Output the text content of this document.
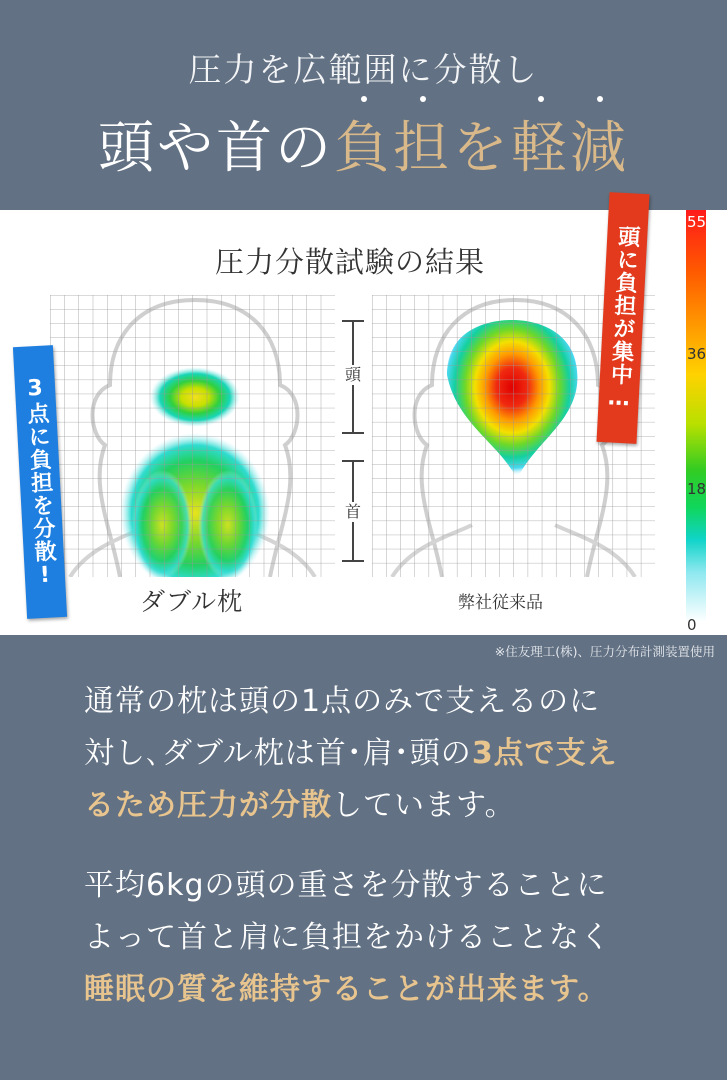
圧力を広範囲に分散し
頭や首の
負
担を
軽
減
圧力分散試験の結果
頭
首
ダブル枕	弊社従来品
55
36
18
0
3点に負担を分散!
頭に負担が集中…
※住友理工(株)、圧力分布計測装置使用
通常の枕は頭の1点のみで支えるのに
対し､ダブル枕は首･肩･頭の3点で支え
るため圧力が分散しています。
平均6kgの頭の重さを分散することに
よって首と肩に負担をかけることなく
睡眠の質を維持することが出来ます。
